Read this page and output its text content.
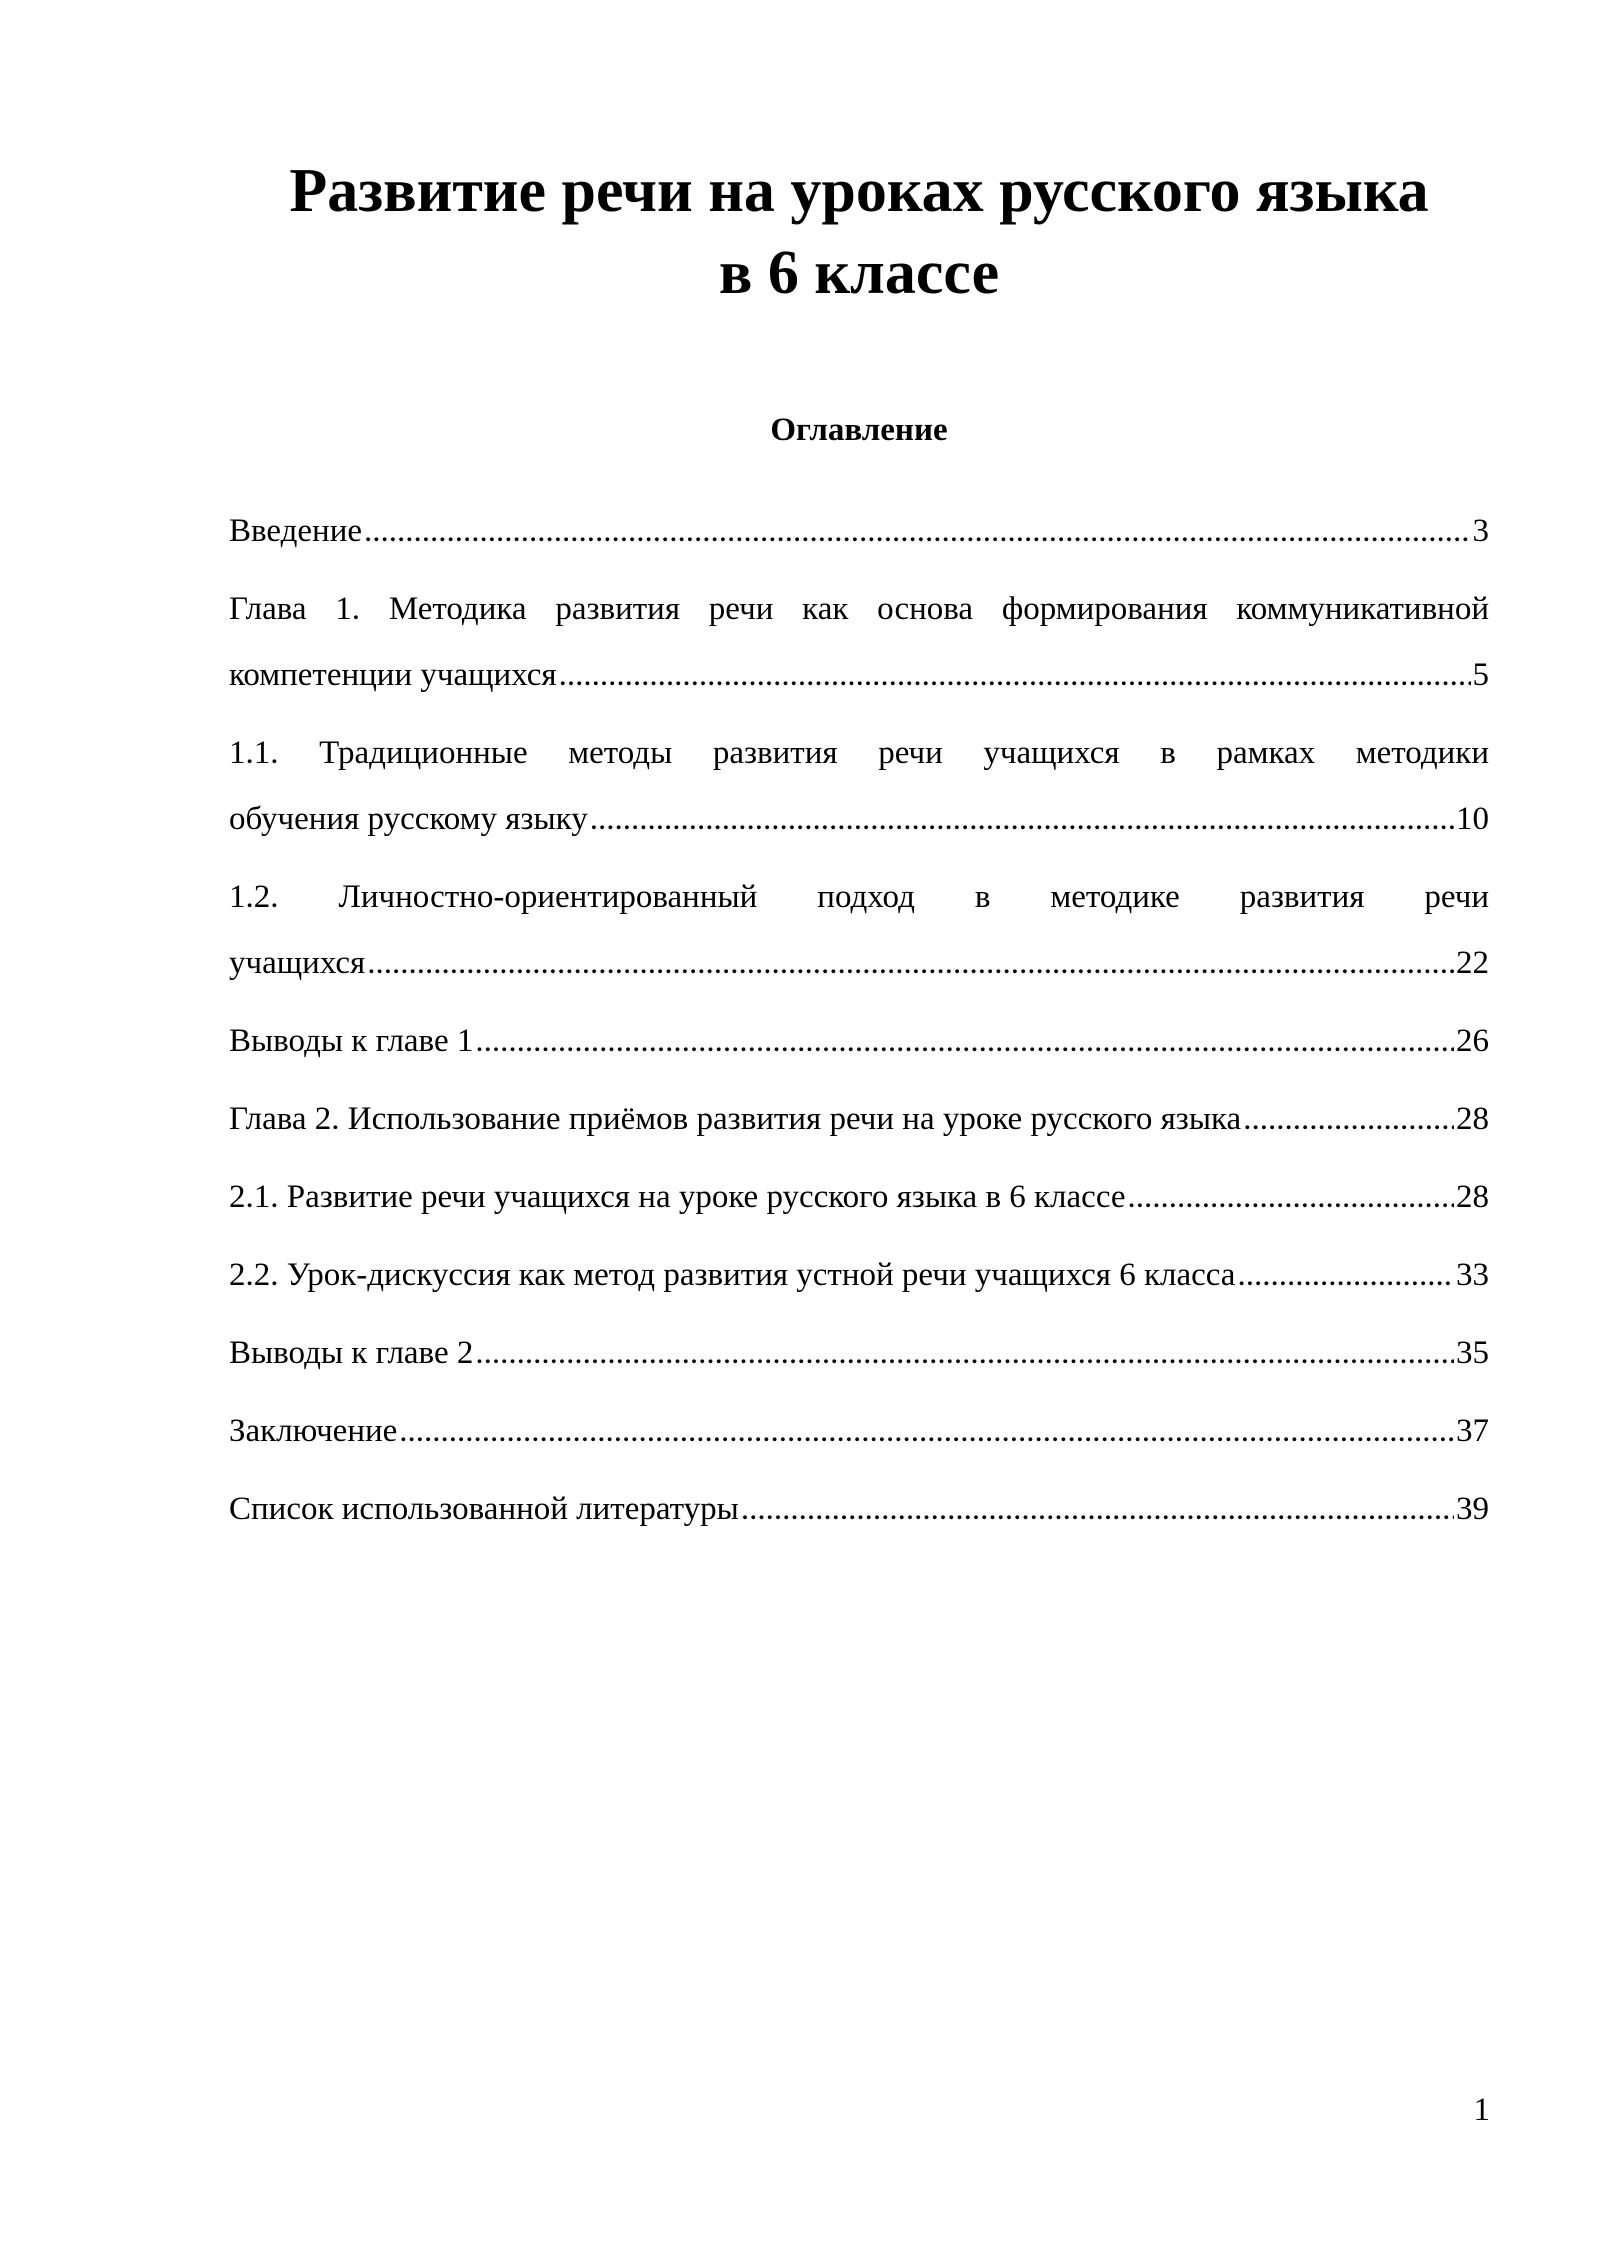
Развитие речи на уроках русского языка
в 6 классе
Оглавление
Введение .....	3
Глава 1. Методика развития речи как основа формирования коммуникативной
компетенции учащихся .....	5
1.1. Традиционные методы развития речи учащихся в рамках методики
обучения русскому языку .....	10
1.2. Личностно-ориентированный подход в методике развития речи
учащихся .....	22
Выводы к главе 1 .....	26
Глава 2. Использование приёмов развития речи на уроке русского языка .....	28
2.1. Развитие речи учащихся на уроке русского языка в 6 классе .....	28
2.2. Урок-дискуссия как метод развития устной речи учащихся 6 класса .....	33
Выводы к главе 2 .....	35
Заключение .....	37
Список использованной литературы .....	39
1
